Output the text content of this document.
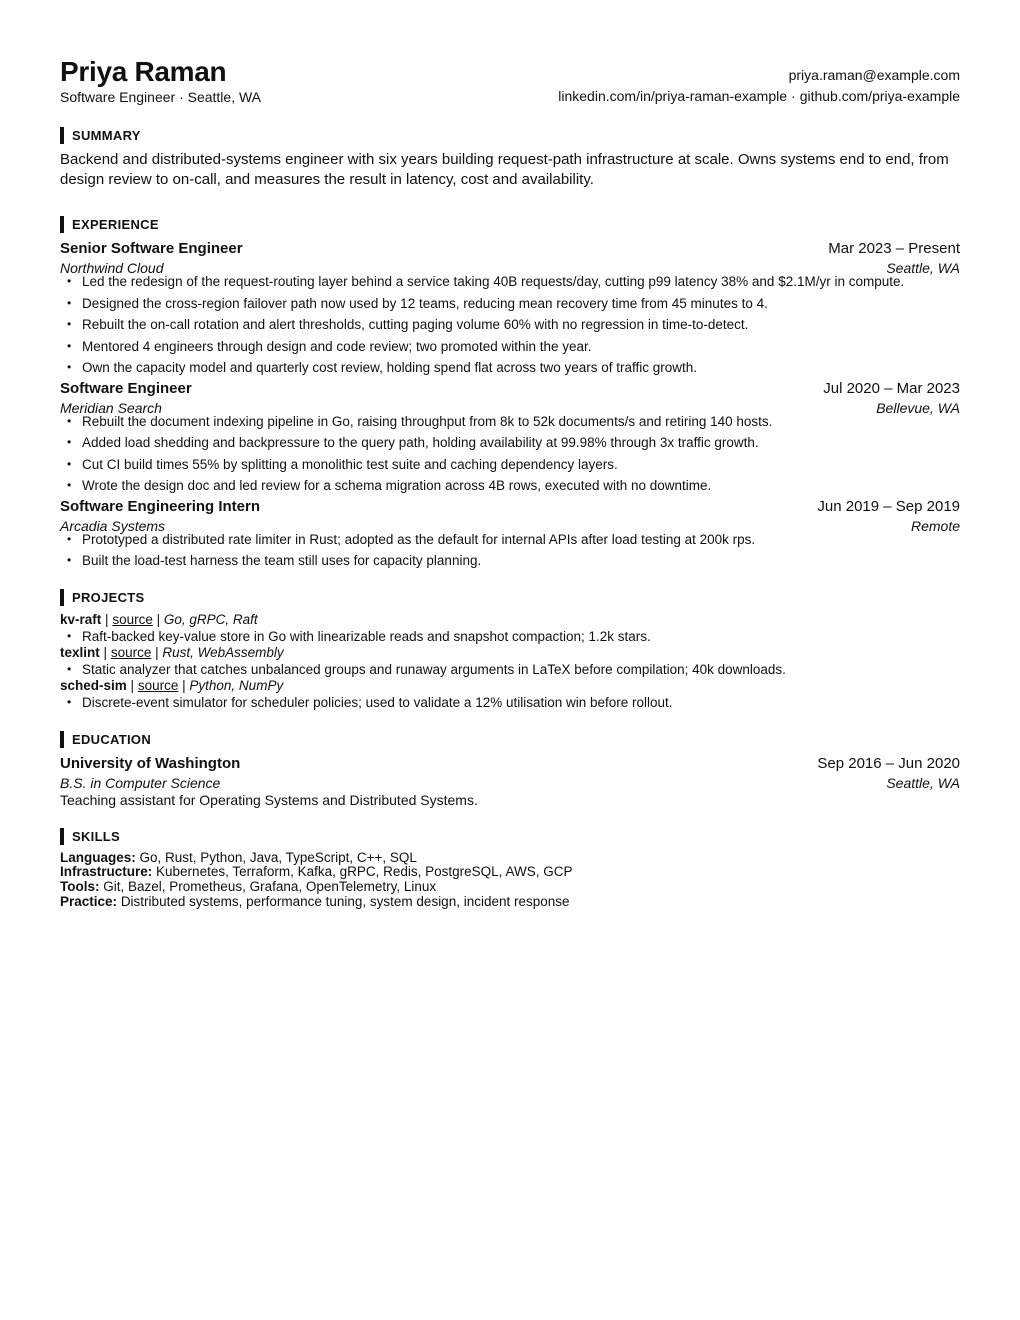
Priya Raman
Software Engineer · Seattle, WA
priya.raman@example.com
linkedin.com/in/priya-raman-example · github.com/priya-example
SUMMARY

Backend and distributed-systems engineer with six years building request-path infrastructure at scale. Owns systems end to end, from design review to on-call, and measures the result in latency, cost and availability.

EXPERIENCE
Senior Software Engineer	Mar 2023 – Present
Northwind Cloud	Seattle, WA
• Led the redesign of the request-routing layer behind a service taking 40B requests/day, cutting p99 latency 38% and $2.1M/yr in compute.
• Designed the cross-region failover path now used by 12 teams, reducing mean recovery time from 45 minutes to 4.
• Rebuilt the on-call rotation and alert thresholds, cutting paging volume 60% with no regression in time-to-detect.
• Mentored 4 engineers through design and code review; two promoted within the year.
• Own the capacity model and quarterly cost review, holding spend flat across two years of traffic growth.
Software Engineer	Jul 2020 – Mar 2023
Meridian Search	Bellevue, WA
• Rebuilt the document indexing pipeline in Go, raising throughput from 8k to 52k documents/s and retiring 140 hosts.
• Added load shedding and backpressure to the query path, holding availability at 99.98% through 3x traffic growth.
• Cut CI build times 55% by splitting a monolithic test suite and caching dependency layers.
• Wrote the design doc and led review for a schema migration across 4B rows, executed with no downtime.
Software Engineering Intern	Jun 2019 – Sep 2019
Arcadia Systems	Remote
• Prototyped a distributed rate limiter in Rust; adopted as the default for internal APIs after load testing at 200k rps.
• Built the load-test harness the team still uses for capacity planning.
PROJECTS
kv-raft | source | Go, gRPC, Raft
• Raft-backed key-value store in Go with linearizable reads and snapshot compaction; 1.2k stars.
texlint | source | Rust, WebAssembly
• Static analyzer that catches unbalanced groups and runaway arguments in LaTeX before compilation; 40k downloads.
sched-sim | source | Python, NumPy
• Discrete-event simulator for scheduler policies; used to validate a 12% utilisation win before rollout.
EDUCATION
University of Washington	Sep 2016 – Jun 2020
B.S. in Computer Science	Seattle, WA
Teaching assistant for Operating Systems and Distributed Systems.
SKILLS
Languages: Go, Rust, Python, Java, TypeScript, C++, SQL
Infrastructure: Kubernetes, Terraform, Kafka, gRPC, Redis, PostgreSQL, AWS, GCP
Tools: Git, Bazel, Prometheus, Grafana, OpenTelemetry, Linux
Practice: Distributed systems, performance tuning, system design, incident response
